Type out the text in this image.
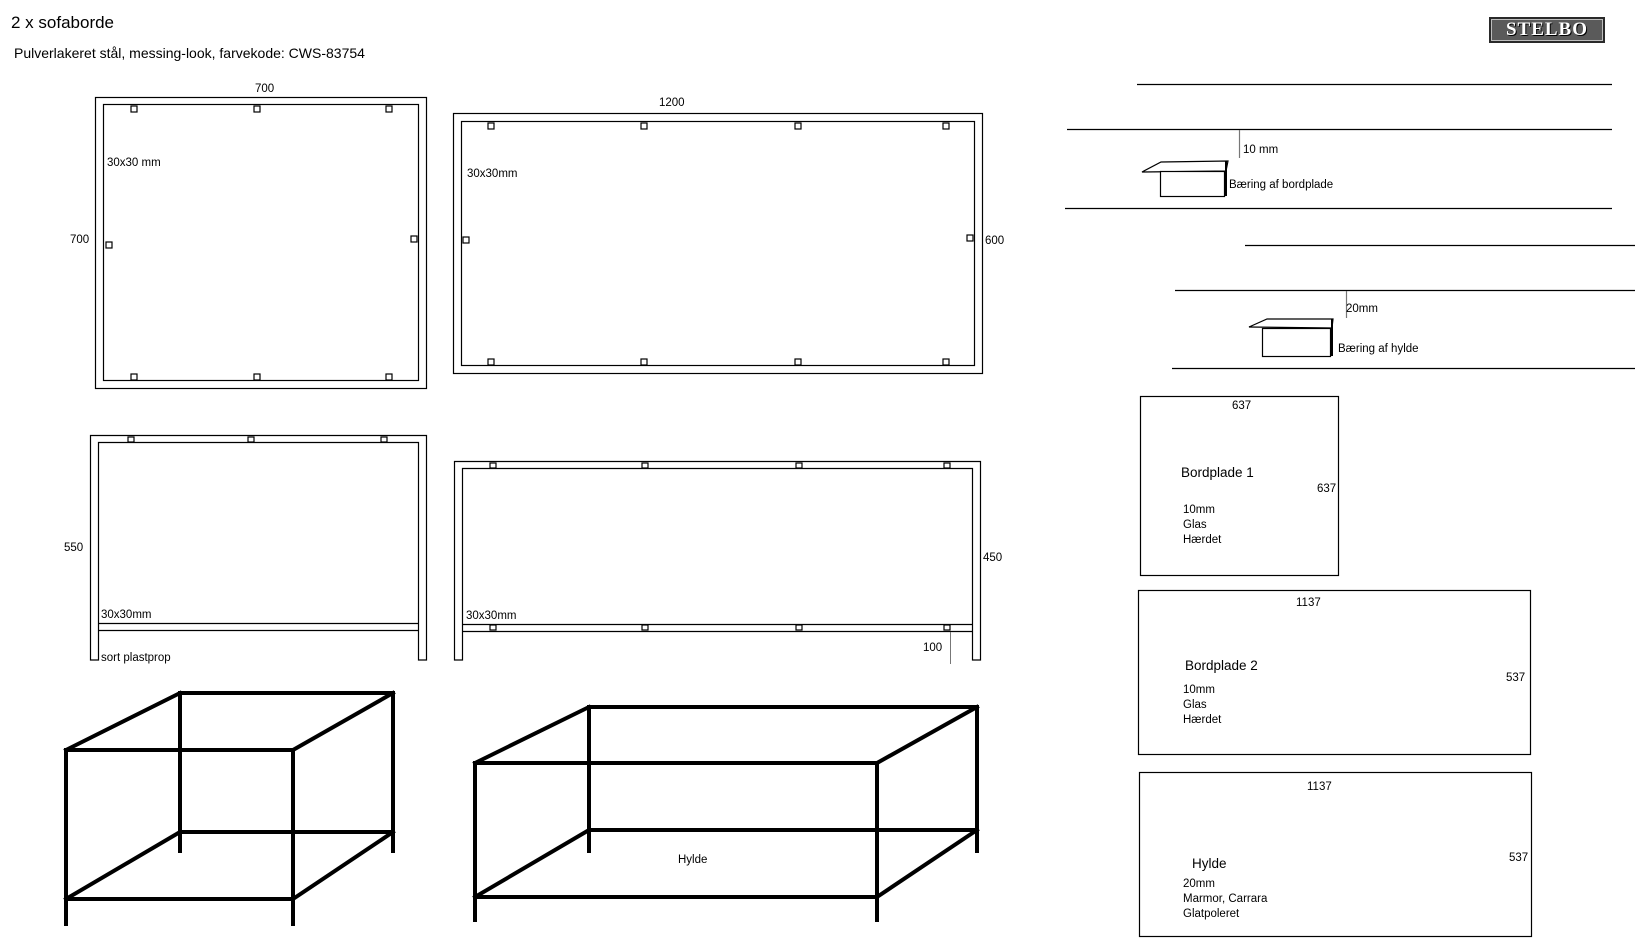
2 x sofaborde
Pulverlakeret stål, messing-look, farvekode: CWS-83754
STELBO
700
700
30x30 mm
1200
600
30x30mm
550
30x30mm
sort plastprop
450
30x30mm
100
Hylde
10 mm
Bæring af bordplade
20mm
Bæring af hylde
637
637
Bordplade 1
10mm
Glas
Hærdet
1137
537
Bordplade 2
10mm
Glas
Hærdet
1137
537
Hylde
20mm
Marmor, Carrara
Glatpoleret
